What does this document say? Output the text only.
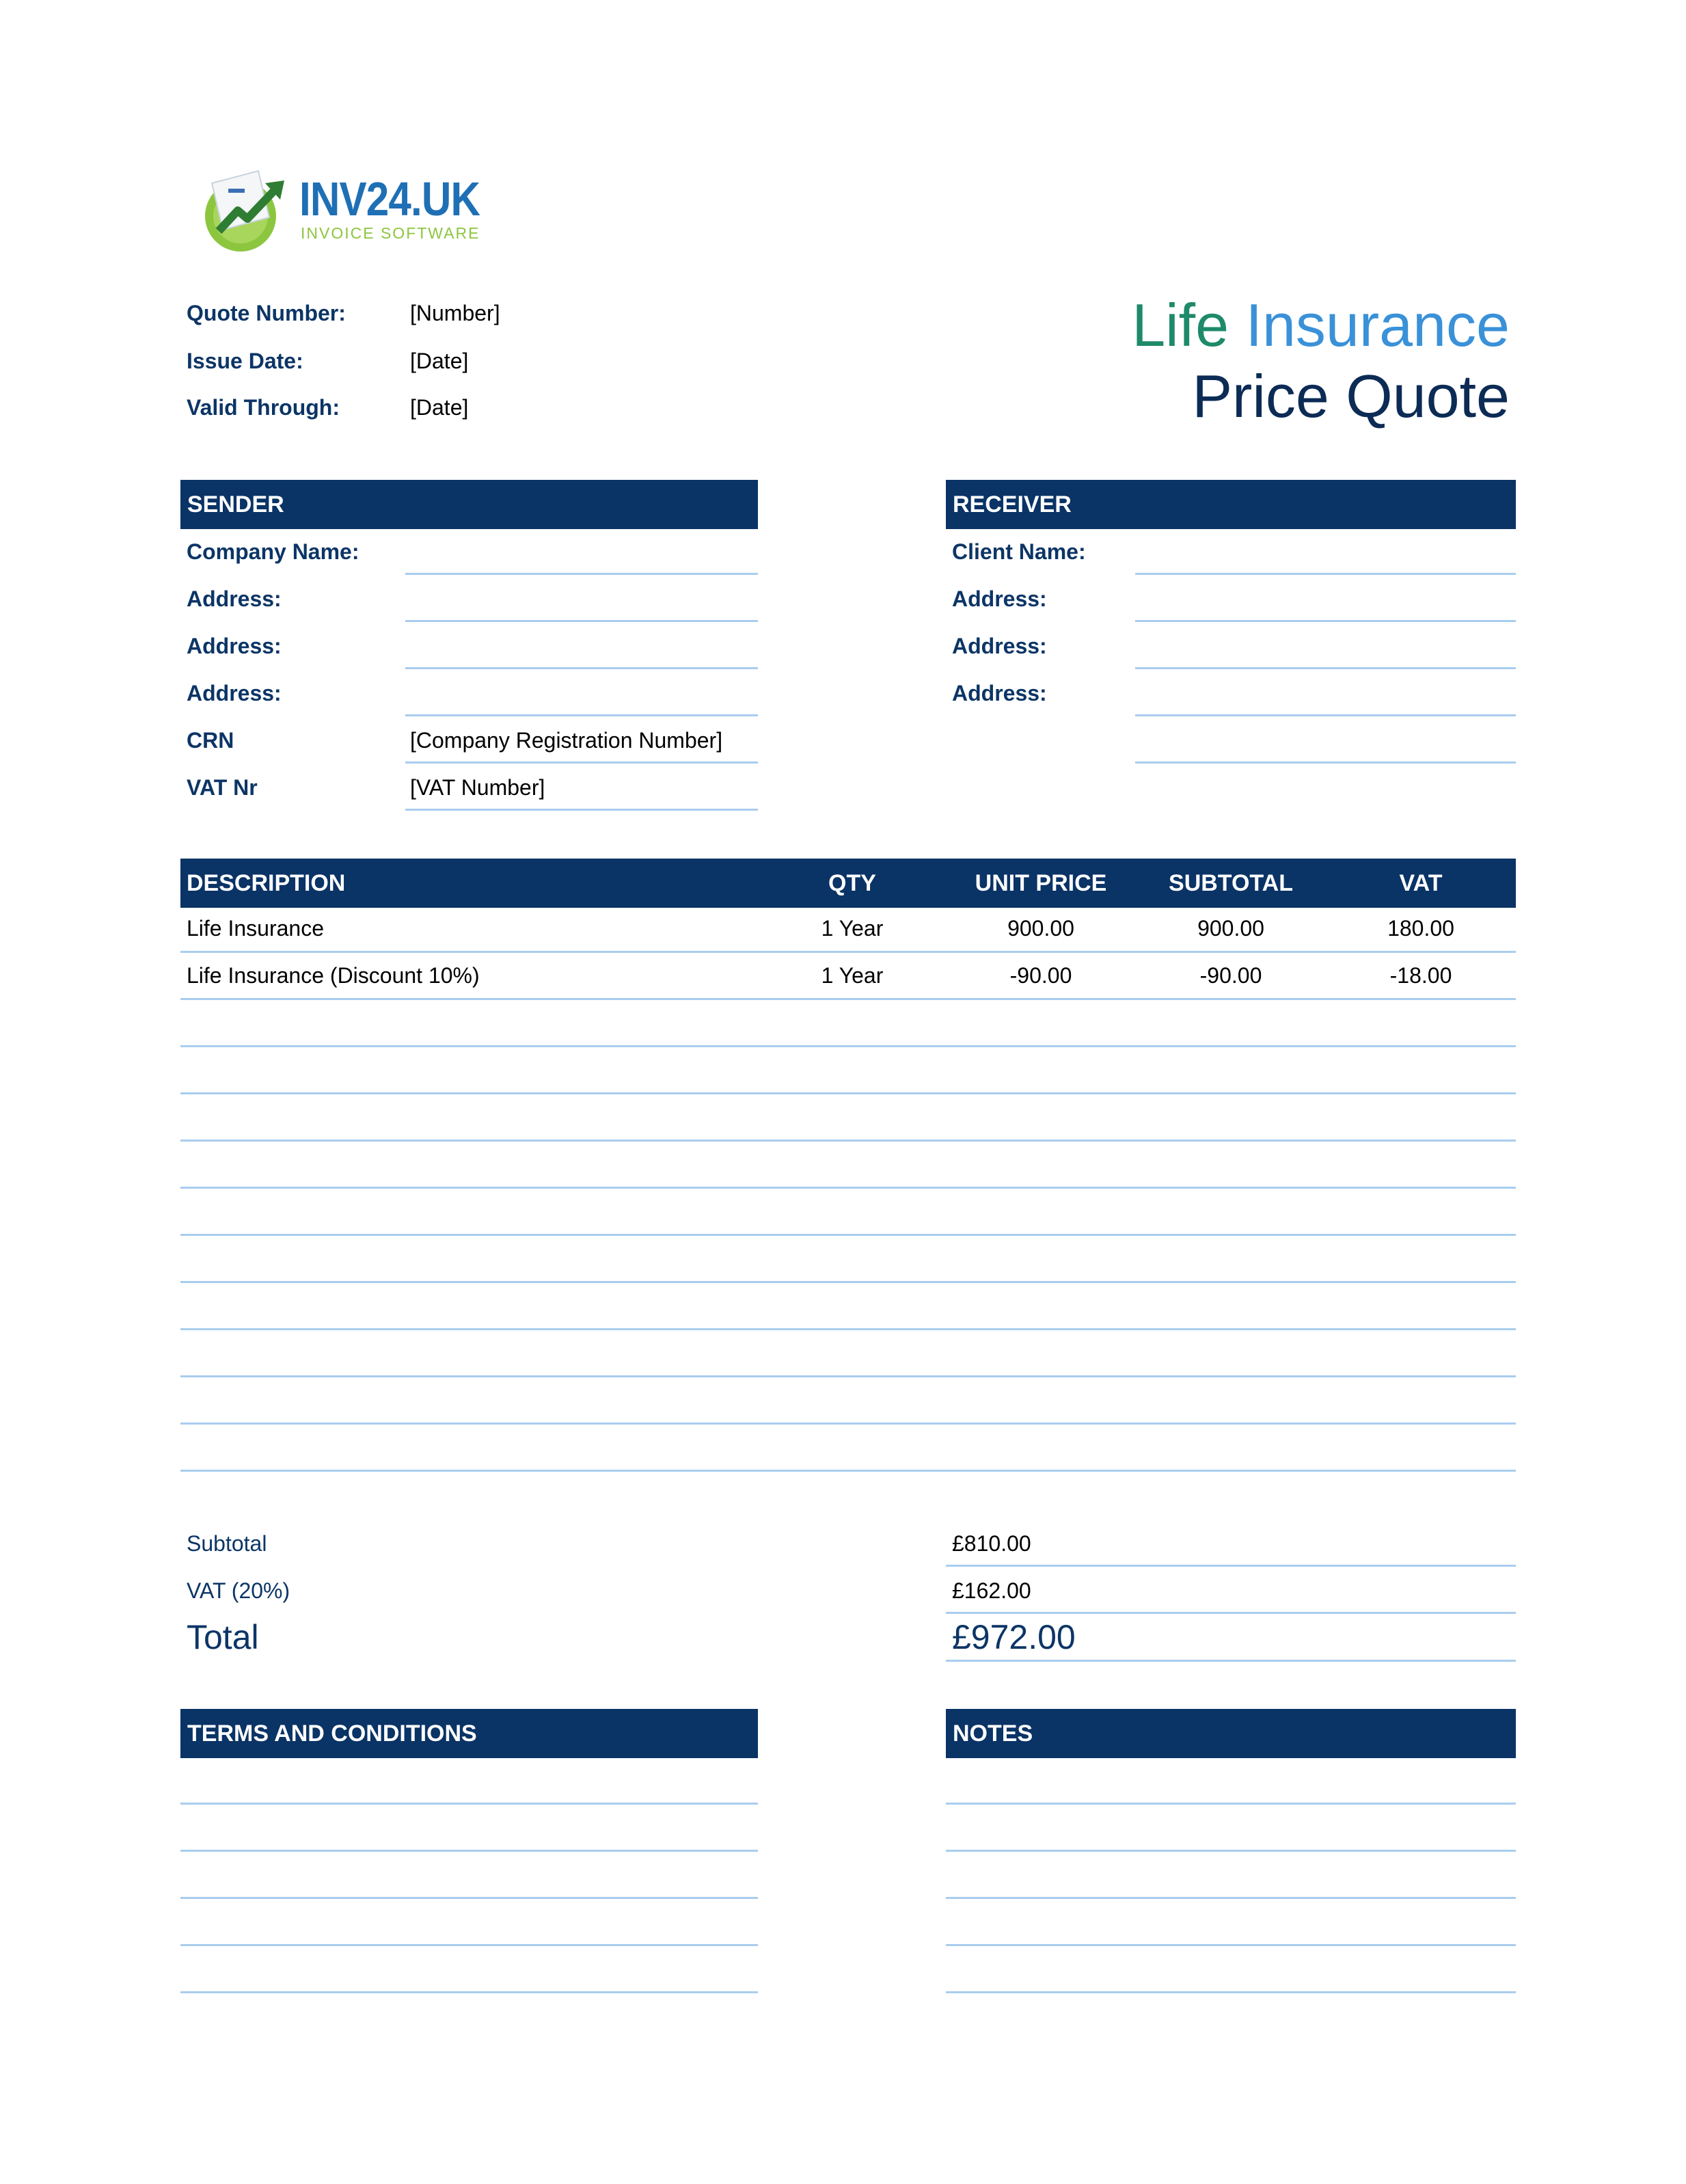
INV24.UK
INVOICE SOFTWARE
Quote Number:	[Number]
Issue Date:	[Date]
Valid Through:	[Date]
Life Insurance
Price Quote
SENDER
Company Name:
Address:
Address:
Address:
CRN	[Company Registration Number]
VAT Nr	[VAT Number]
RECEIVER
Client Name:
Address:
Address:
Address:
DESCRIPTION	QTY	UNIT PRICE	SUBTOTAL	VAT
Life Insurance	1 Year	900.00	900.00	180.00
Life Insurance (Discount 10%)	1 Year	-90.00	-90.00	-18.00
Subtotal	£810.00
VAT (20%)	£162.00
Total	£972.00
TERMS AND CONDITIONS	NOTES
